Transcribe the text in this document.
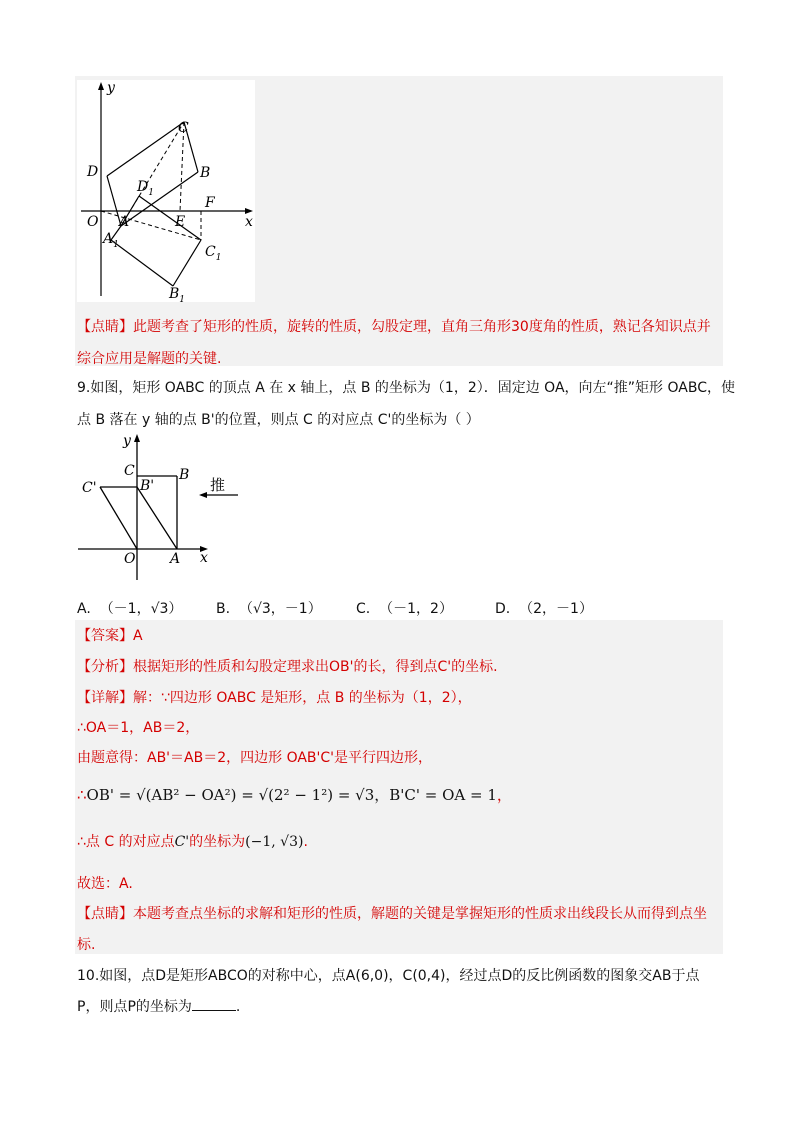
y
x
O A	E
F
C
D	B
$D_1$
$A_1$
$B_1$
$C_1$
【点睛】此题考查了矩形的性质，旋转的性质，勾股定理，直角三角形30度角的性质，熟记各知识点并
综合应用是解题的关键.
9.如图，矩形 OABC 的顶点 A 在 x 轴上，点 B 的坐标为（1，2）．固定边 OA，向左“推”矩形 OABC，使
点 B 落在 y 轴的点 B'的位置，则点 C 的对应点 C'的坐标为（ ）
y
x
O A
B
C
B'
C'	推
A. （－1，√3） B. （√3，－1） C. （－1，2）	D. （2，－1）
【答案】A
【分析】根据矩形的性质和勾股定理求出OB'的长，得到点C'的坐标.
【详解】解：∵四边形 OABC 是矩形，点 B 的坐标为（1，2），
∴OA＝1，AB＝2，
由题意得：AB'＝AB＝2，四边形 OAB'C'是平行四边形，
∴OB' = √(AB² − OA²) = √(2² − 1²) = √3，B'C' = OA = 1，
∴点 C 的对应点C'的坐标为(−1, √3).
故选：A.
【点睛】本题考查点坐标的求解和矩形的性质，解题的关键是掌握矩形的性质求出线段长从而得到点坐
标.
10.如图，点D是矩形ABCO的对称中心，点A(6,0)，C(0,4)，经过点D的反比例函数的图象交AB于点
P，则点P的坐标为	.
